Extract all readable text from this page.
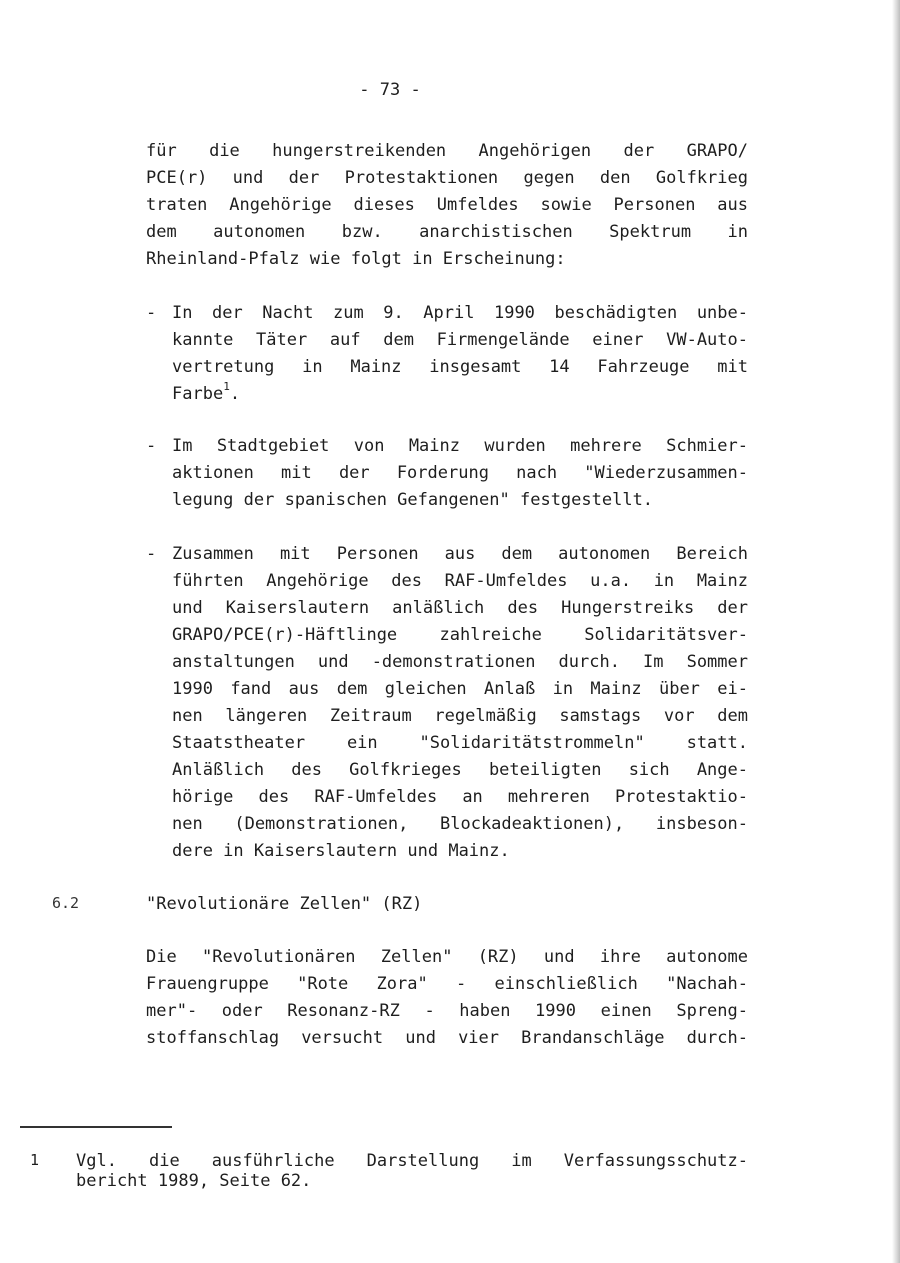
- 73 -
für die hungerstreikenden Angehörigen der GRAPO/
PCE(r) und der Protestaktionen gegen den Golfkrieg
traten Angehörige dieses Umfeldes sowie Personen aus
dem autonomen bzw. anarchistischen Spektrum in
Rheinland-Pfalz wie folgt in Erscheinung:
- In der Nacht zum 9. April 1990 beschädigten unbe-
kannte Täter auf dem Firmengelände einer VW-Auto-
vertretung in Mainz insgesamt 14 Fahrzeuge mit
Farbe$^1$.
- Im Stadtgebiet von Mainz wurden mehrere Schmier-
aktionen mit der Forderung nach "Wiederzusammen-
legung der spanischen Gefangenen" festgestellt.
- Zusammen mit Personen aus dem autonomen Bereich
führten Angehörige des RAF-Umfeldes u.a. in Mainz
und Kaiserslautern anläßlich des Hungerstreiks der
GRAPO/PCE(r)-Häftlinge zahlreiche Solidaritätsver-
anstaltungen und -demonstrationen durch. Im Sommer
1990 fand aus dem gleichen Anlaß in Mainz über ei-
nen längeren Zeitraum regelmäßig samstags vor dem
Staatstheater ein "Solidaritätstrommeln" statt.
Anläßlich des Golfkrieges beteiligten sich Ange-
hörige des RAF-Umfeldes an mehreren Protestaktio-
nen (Demonstrationen, Blockadeaktionen), insbeson-
dere in Kaiserslautern und Mainz.
6.2	"Revolutionäre Zellen" (RZ)
Die "Revolutionären Zellen" (RZ) und ihre autonome
Frauengruppe "Rote Zora" - einschließlich "Nachah-
mer"- oder Resonanz-RZ - haben 1990 einen Spreng-
stoffanschlag versucht und vier Brandanschläge durch-
1 Vgl. die ausführliche Darstellung im Verfassungsschutz-
bericht 1989, Seite 62.
